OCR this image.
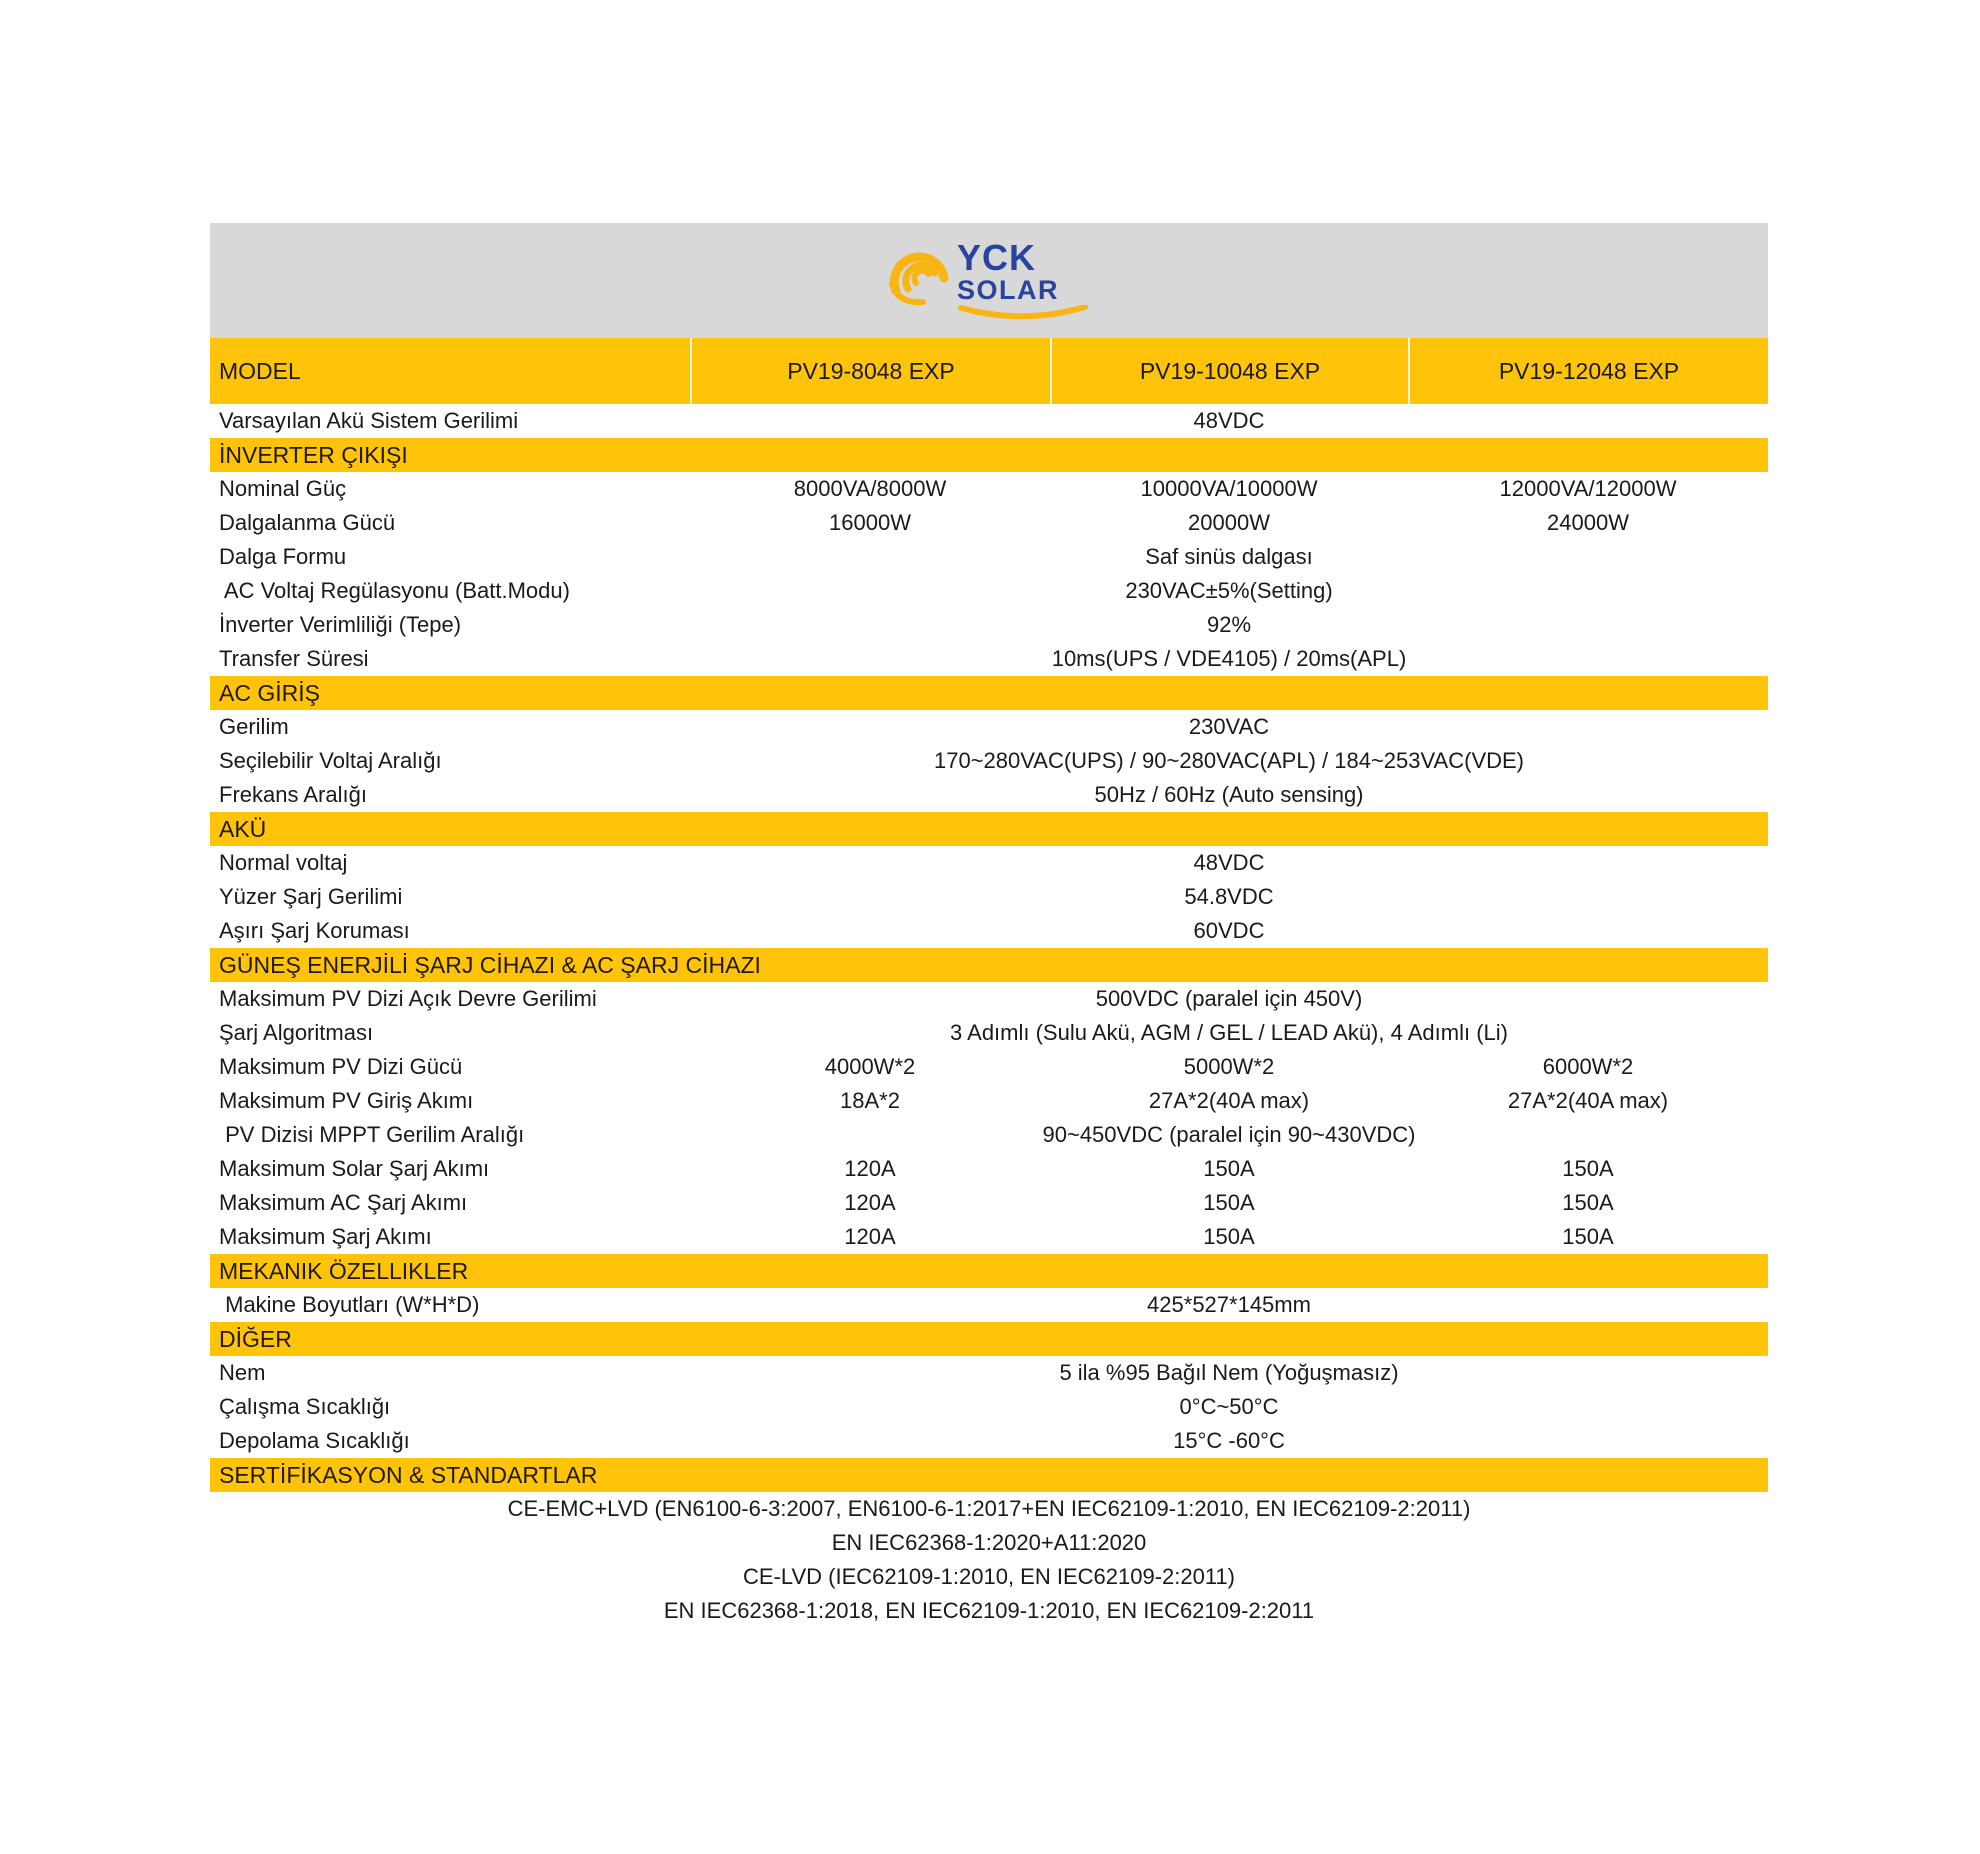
YCK
SOLAR
MODEL	PV19-8048 EXP	PV19-10048 EXP	PV19-12048 EXP
Varsayılan Akü Sistem Gerilimi	48VDC
İNVERTER ÇIKIŞI
Nominal Güç	8000VA/8000W	10000VA/10000W	12000VA/12000W
Dalgalanma Gücü	16000W	20000W	24000W
Dalga Formu	Saf sinüs dalgası
AC Voltaj Regülasyonu (Batt.Modu)	230VAC±5%(Setting)
İnverter Verimliliği (Tepe)	92%
Transfer Süresi	10ms(UPS / VDE4105) / 20ms(APL)
AC GİRİŞ
Gerilim	230VAC
Seçilebilir Voltaj Aralığı	170~280VAC(UPS) / 90~280VAC(APL) / 184~253VAC(VDE)
Frekans Aralığı	50Hz / 60Hz (Auto sensing)
AKÜ
Normal voltaj	48VDC
Yüzer Şarj Gerilimi	54.8VDC
Aşırı Şarj Koruması	60VDC
GÜNEŞ ENERJİLİ ŞARJ CİHAZI & AC ŞARJ CİHAZI
Maksimum PV Dizi Açık Devre Gerilimi	500VDC (paralel için 450V)
Şarj Algoritması	3 Adımlı (Sulu Akü, AGM / GEL / LEAD Akü), 4 Adımlı (Li)
Maksimum PV Dizi Gücü	4000W*2	5000W*2	6000W*2
Maksimum PV Giriş Akımı	18A*2	27A*2(40A max)	27A*2(40A max)
PV Dizisi MPPT Gerilim Aralığı	90~450VDC (paralel için 90~430VDC)
Maksimum Solar Şarj Akımı	120A	150A	150A
Maksimum AC Şarj Akımı	120A	150A	150A
Maksimum Şarj Akımı	120A	150A	150A
MEKANIK ÖZELLIKLER
Makine Boyutları (W*H*D)	425*527*145mm
DİĞER
Nem	5 ila %95 Bağıl Nem (Yoğuşmasız)
Çalışma Sıcaklığı	0°C~50°C
Depolama Sıcaklığı	15°C -60°C
SERTİFİKASYON & STANDARTLAR
CE-EMC+LVD (EN6100-6-3:2007, EN6100-6-1:2017+EN IEC62109-1:2010, EN IEC62109-2:2011)
EN IEC62368-1:2020+A11:2020
CE-LVD (IEC62109-1:2010, EN IEC62109-2:2011)
EN IEC62368-1:2018, EN IEC62109-1:2010, EN IEC62109-2:2011
